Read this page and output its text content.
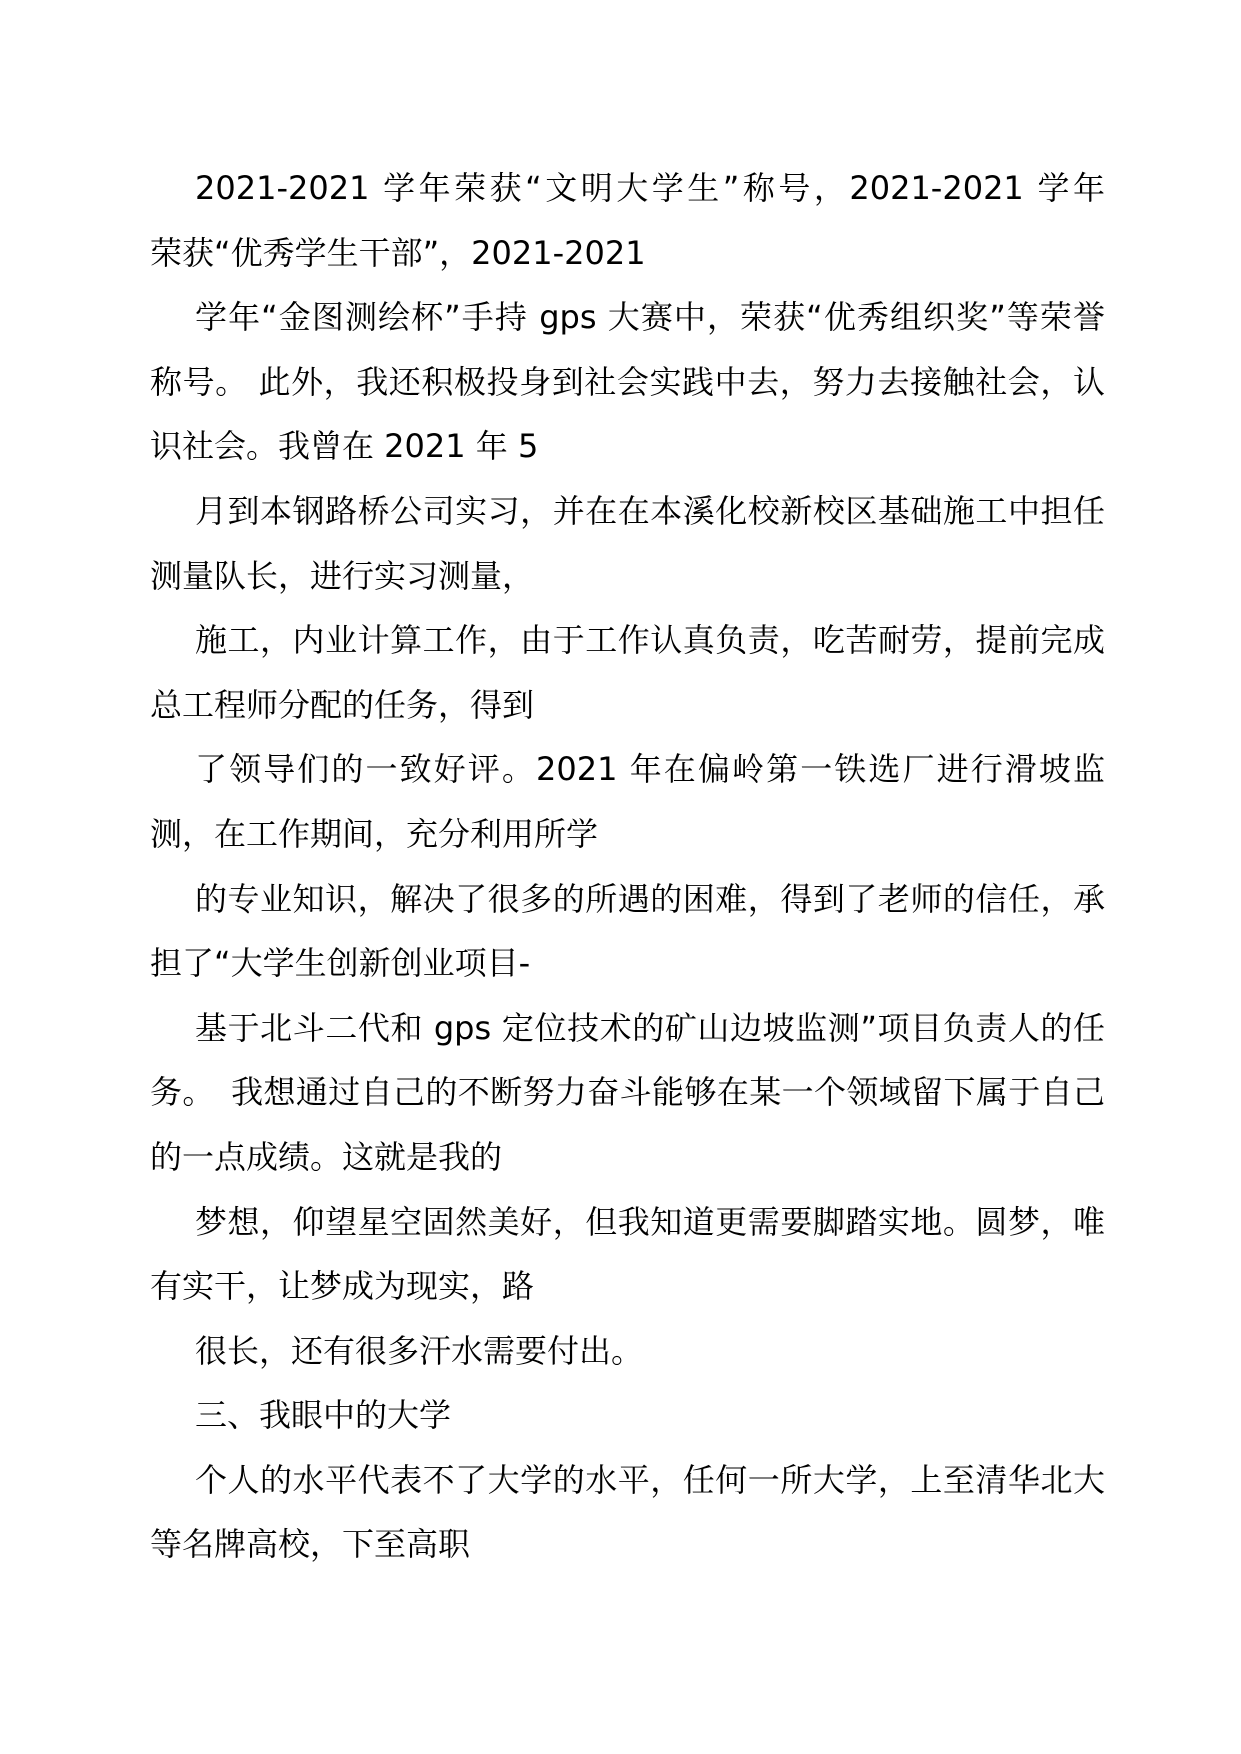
2021-2021 学年荣获“文明大学生”称号，2021-2021 学年　荣获“优秀学生干部”，2021-2021

学年“金图测绘杯”手持 gps 大赛中，荣获“优秀组织奖”等荣誉称号。 此外，我还积极投身到社会实践中去，努力去接触社会，认识社会。我曾在 2021 年 5

月到本钢路桥公司实习，并在在本溪化校新校区基础施工中担任测量队长，进行实习测量，

施工，内业计算工作，由于工作认真负责，吃苦耐劳，提前完成总工程师分配的任务，得到

了领导们的一致好评。2021 年在偏岭第一铁选厂进行滑坡监测，在工作期间，充分利用所学

的专业知识，解决了很多的所遇的困难，得到了老师的信任，承担了“大学生创新创业项目-

基于北斗二代和 gps 定位技术的矿山边坡监测”项目负责人的任务。　我想通过自己的不断努力奋斗能够在某一个领域留下属于自己的一点成绩。这就是我的

梦想，仰望星空固然美好，但我知道更需要脚踏实地。圆梦，唯有实干，让梦成为现实，路

很长，还有很多汗水需要付出。

三、我眼中的大学

个人的水平代表不了大学的水平，任何一所大学，上至清华北大等名牌高校，下至高职
